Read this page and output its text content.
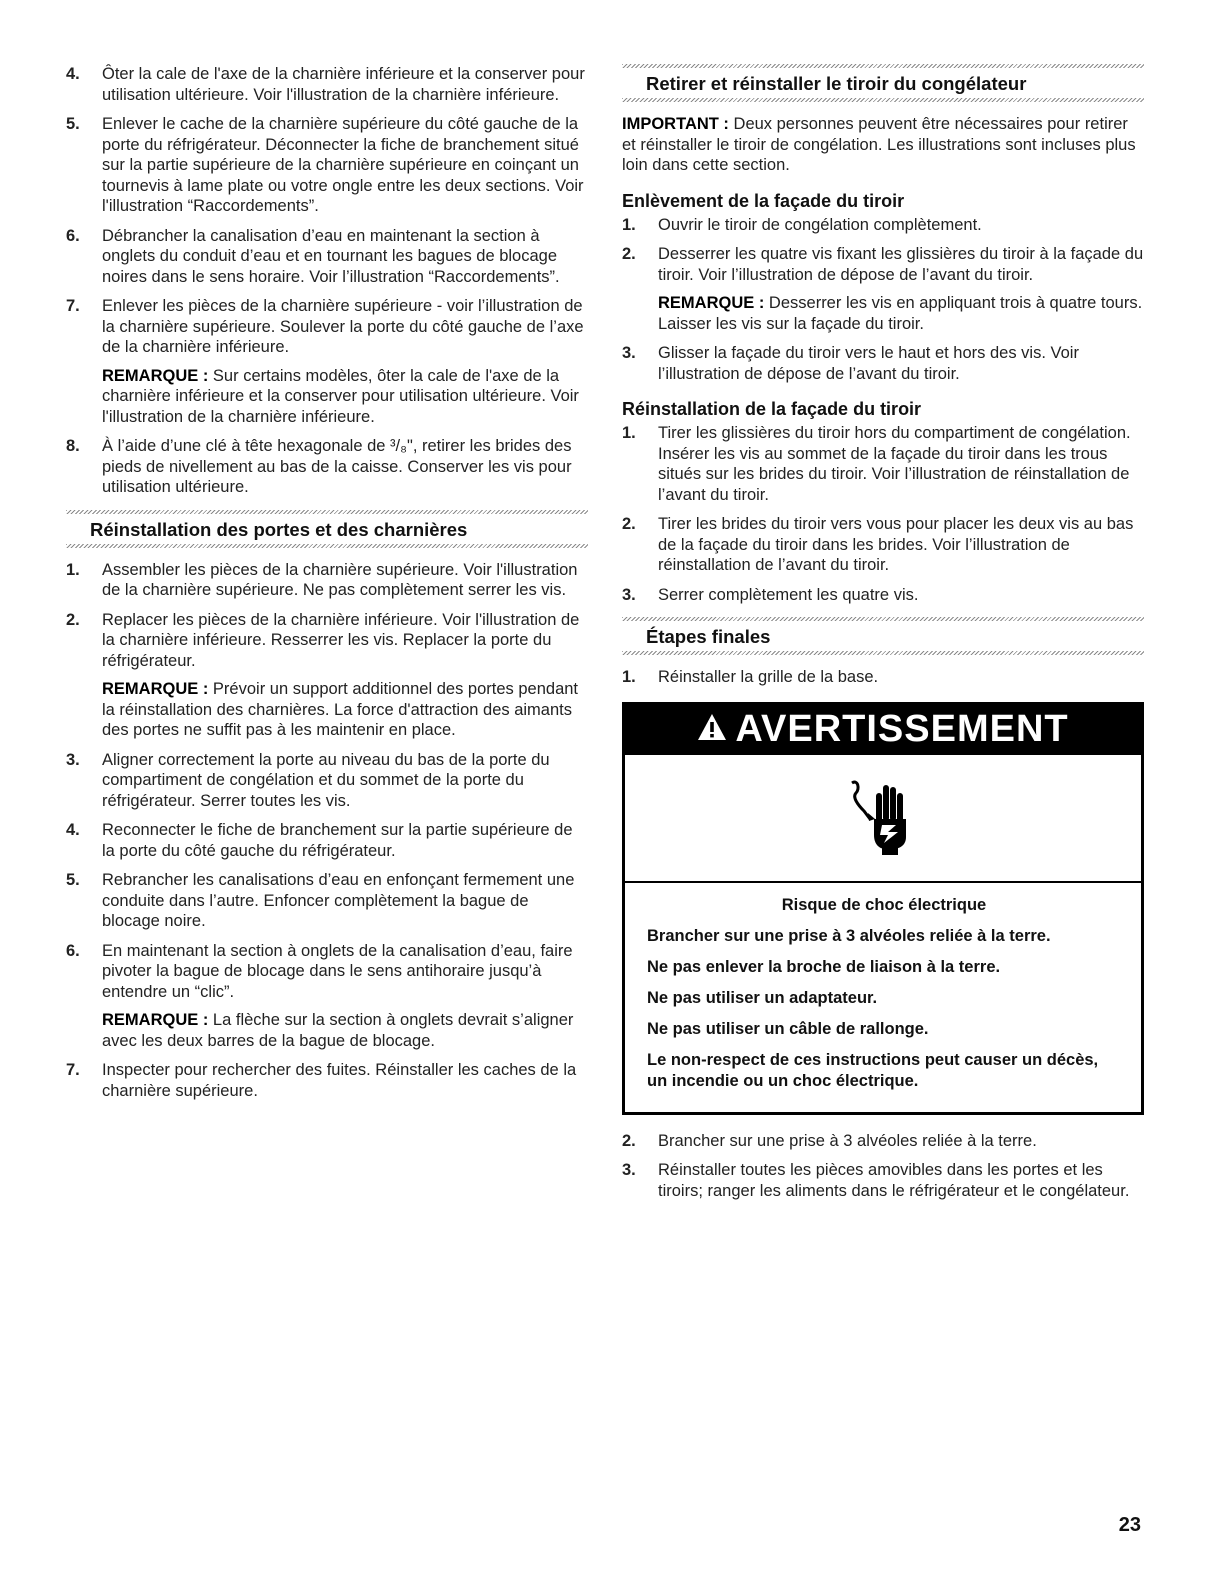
4.	Ôter la cale de l'axe de la charnière inférieure et la conserver pour utilisation ultérieure. Voir l'illustration de la charnière inférieure.

5.	Enlever le cache de la charnière supérieure du côté gauche de la porte du réfrigérateur. Déconnecter la fiche de branchement situé sur la partie supérieure de la charnière supérieure en coinçant un tournevis à lame plate ou votre ongle entre les deux sections. Voir l'illustration “Raccordements”.

6.	Débrancher la canalisation d’eau en maintenant la section à onglets du conduit d’eau et en tournant les bagues de blocage noires dans le sens horaire. Voir l’illustration “Raccordements”.

7.	Enlever les pièces de la charnière supérieure - voir l’illustration de la charnière supérieure. Soulever la porte du côté gauche de l’axe de la charnière inférieure.

REMARQUE : Sur certains modèles, ôter la cale de l'axe de la charnière inférieure et la conserver pour utilisation ultérieure. Voir l'illustration de la charnière inférieure.

8.	À l’aide d’une clé à tête hexagonale de ³/₈", retirer les brides des pieds de nivellement au bas de la caisse. Conserver les vis pour utilisation ultérieure.

Réinstallation des portes et des charnières
1.	Assembler les pièces de la charnière supérieure. Voir l'illustration de la charnière supérieure. Ne pas complètement serrer les vis.

2.	Replacer les pièces de la charnière inférieure. Voir l'illustration de la charnière inférieure. Resserrer les vis. Replacer la porte du réfrigérateur.

REMARQUE : Prévoir un support additionnel des portes pendant la réinstallation des charnières. La force d'attraction des aimants des portes ne suffit pas à les maintenir en place.

3.	Aligner correctement la porte au niveau du bas de la porte du compartiment de congélation et du sommet de la porte du réfrigérateur. Serrer toutes les vis.

4.	Reconnecter le fiche de branchement sur la partie supérieure de la porte du côté gauche du réfrigérateur.

5.	Rebrancher les canalisations d’eau en enfonçant fermement une conduite dans l’autre. Enfoncer complètement la bague de blocage noire.

6.	En maintenant la section à onglets de la canalisation d’eau, faire pivoter la bague de blocage dans le sens antihoraire jusqu’à entendre un “clic”.

REMARQUE : La flèche sur la section à onglets devrait s’aligner avec les deux barres de la bague de blocage.

7.	Inspecter pour rechercher des fuites. Réinstaller les caches de la charnière supérieure.

Retirer et réinstaller le tiroir du congélateur

IMPORTANT : Deux personnes peuvent être nécessaires pour retirer et réinstaller le tiroir de congélation. Les illustrations sont incluses plus loin dans cette section.

Enlèvement de la façade du tiroir
1.	Ouvrir le tiroir de congélation complètement.

2.	Desserrer les quatre vis fixant les glissières du tiroir à la façade du tiroir. Voir l’illustration de dépose de l’avant du tiroir.

REMARQUE : Desserrer les vis en appliquant trois à quatre tours. Laisser les vis sur la façade du tiroir.

3.	Glisser la façade du tiroir vers le haut et hors des vis. Voir l’illustration de dépose de l’avant du tiroir.

Réinstallation de la façade du tiroir
1.	Tirer les glissières du tiroir hors du compartiment de congélation. Insérer les vis au sommet de la façade du tiroir dans les trous situés sur les brides du tiroir. Voir l’illustration de réinstallation de l’avant du tiroir.

2.	Tirer les brides du tiroir vers vous pour placer les deux vis au bas de la façade du tiroir dans les brides. Voir l’illustration de réinstallation de l’avant du tiroir.

3.	Serrer complètement les quatre vis.

Étapes finales
1.	Réinstaller la grille de la base.

AVERTISSEMENT

Risque de choc électrique

Brancher sur une prise à 3 alvéoles reliée à la terre.

Ne pas enlever la broche de liaison à la terre.

Ne pas utiliser un adaptateur.

Ne pas utiliser un câble de rallonge.

Le non-respect de ces instructions peut causer un décès, un incendie ou un choc électrique.

2.	Brancher sur une prise à 3 alvéoles reliée à la terre.

3.	Réinstaller toutes les pièces amovibles dans les portes et les tiroirs; ranger les aliments dans le réfrigérateur et le congélateur.

23
